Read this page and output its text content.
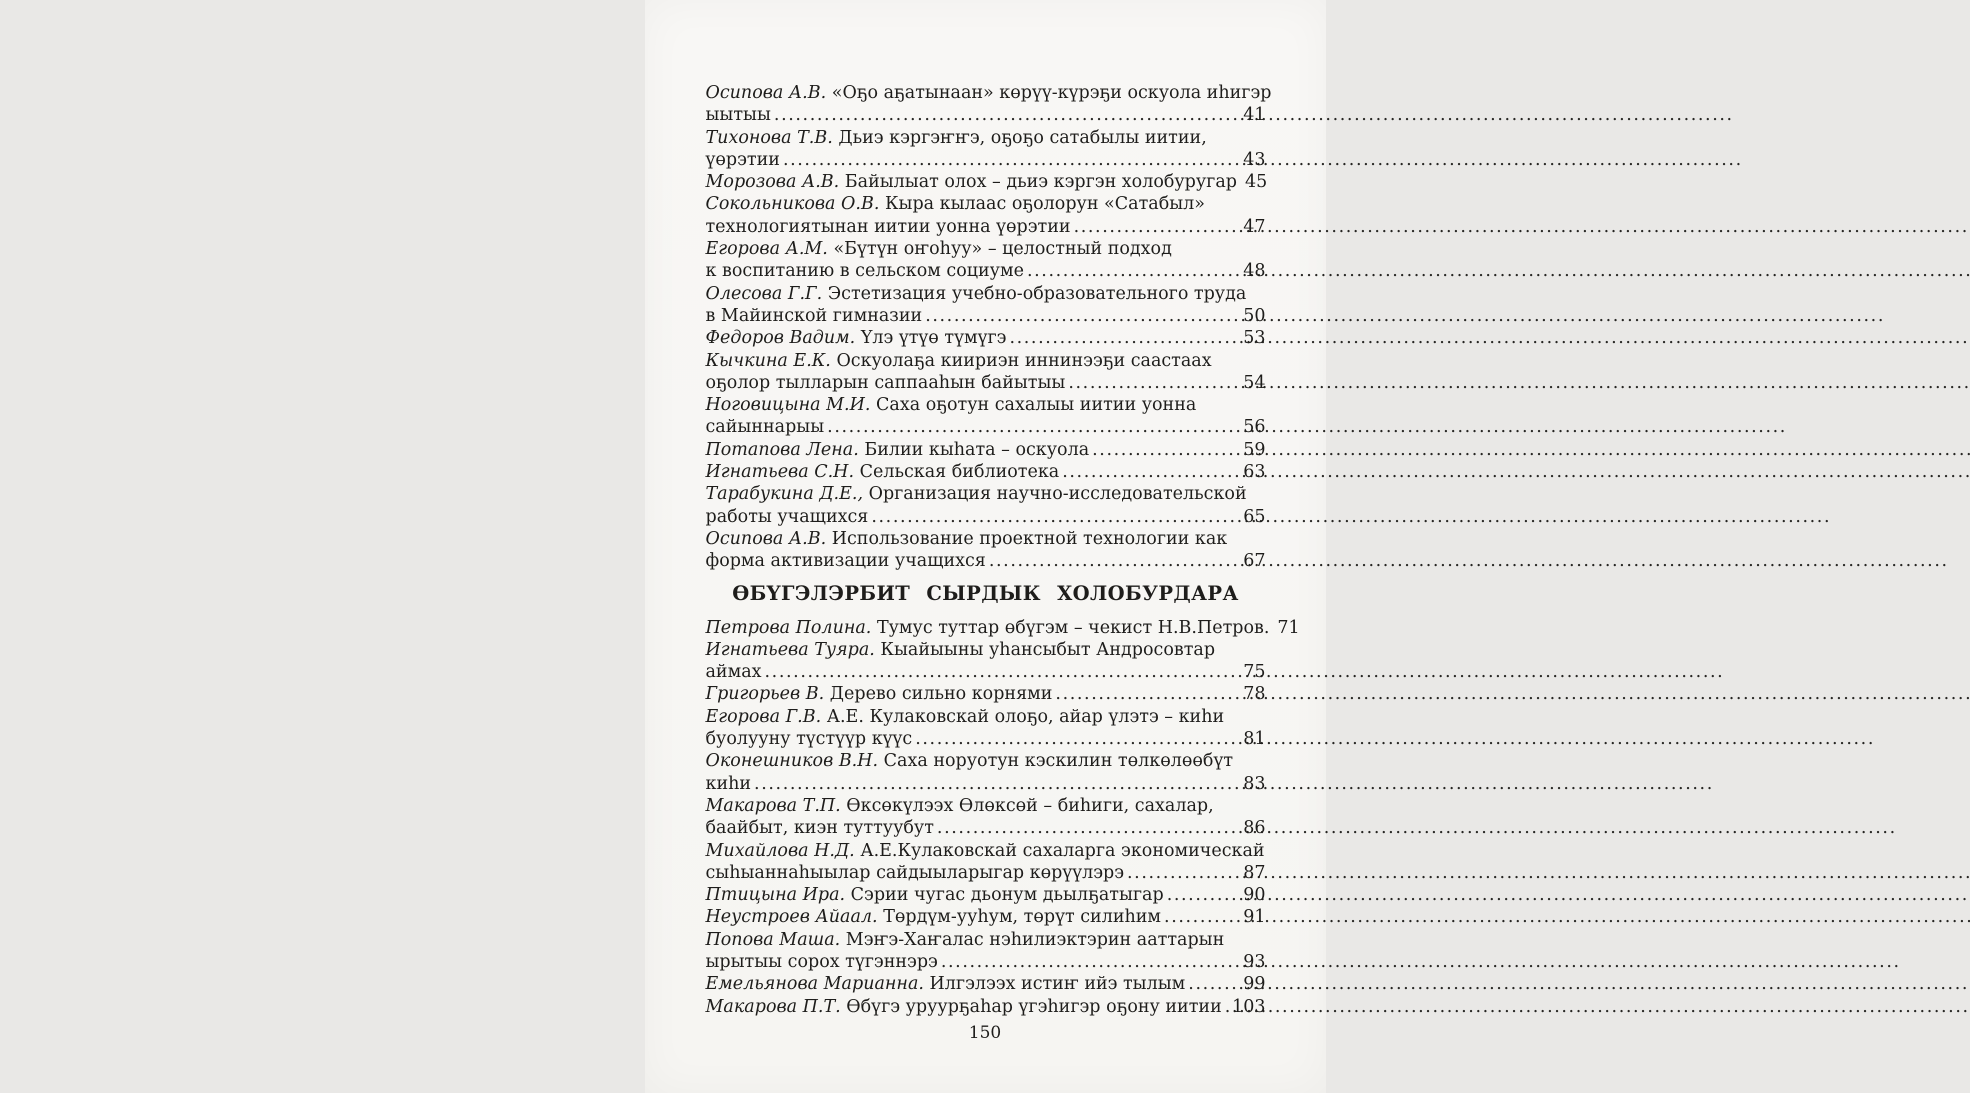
Осипова А.В. «Оҕо аҕатынаан» көрүү-күрэҕи оскуола иһигэр
ыытыы .....	41
Тихонова Т.В. Дьиэ кэргэҥҥэ, оҕоҕо сатабылы иитии,
үөрэтии .....	43
Морозова А.В. Байылыат олох – дьиэ кэргэн холобуругар 45
Сокольникова О.В. Кыра кылаас оҕолорун «Сатабыл»
технологиятынан иитии уонна үөрэтии .....	47
Егорова А.М. «Бүтүн оҥоһуу» – целостный подход
к воспитанию в сельском социуме .....	48
Олесова Г.Г. Эстетизация учебно-образовательного труда
в Майинской гимназии .....	50
Федоров Вадим. Үлэ үтүө түмүгэ .....	53
Кычкина Е.К. Оскуолаҕа киириэн иннинээҕи саастаах
оҕолор тылларын саппааһын байытыы .....	54
Ноговицына М.И. Саха оҕотун сахалыы иитии уонна
сайыннарыы .....	56
Потапова Лена. Билии кыһата – оскуола .....	59
Игнатьева С.Н. Сельская библиотека .....	63
Тарабукина Д.Е., Организация научно-исследовательской
работы учащихся .....	65
Осипова А.В. Использование проектной технологии как
форма активизации учащихся .....	67
ӨБҮГЭЛЭРБИТ СЫРДЫК ХОЛОБУРДАРА
Петрова Полина. Тумус туттар өбүгэм – чекист Н.В.Петров. 71
Игнатьева Туяра. Кыайыыны уһансыбыт Андросовтар
аймах .....	75
Григорьев В. Дерево сильно корнями .....	78
Егорова Г.В. А.Е. Кулаковскай олоҕо, айар үлэтэ – киһи
буолууну түстүүр күүс .....	81
Оконешников В.Н. Саха норуотун кэскилин төлкөлөөбүт
киһи .....	83
Макарова Т.П. Өксөкүлээх Өлөксөй – биһиги, сахалар,
баайбыт, киэн туттуубут .....	86
Михайлова Н.Д. А.Е.Кулаковскай сахаларга экономическай
сыһыаннаһыылар сайдыыларыгар көрүүлэрэ .....	87
Птицына Ира. Сэрии чугас дьонум дьылҕатыгар .....	90
Неустроев Айаал. Төрдүм-ууһум, төрүт силиһим .....	91
Попова Маша. Мэҥэ-Хаҥалас нэһилиэктэрин ааттарын
ырытыы сорох түгэннэрэ .....	93
Емельянова Марианна. Илгэлээх истиҥ ийэ тылым .....	99
Макарова П.Т. Өбүгэ уруурҕаһар үгэһигэр оҕону иитии ..... 103
150
